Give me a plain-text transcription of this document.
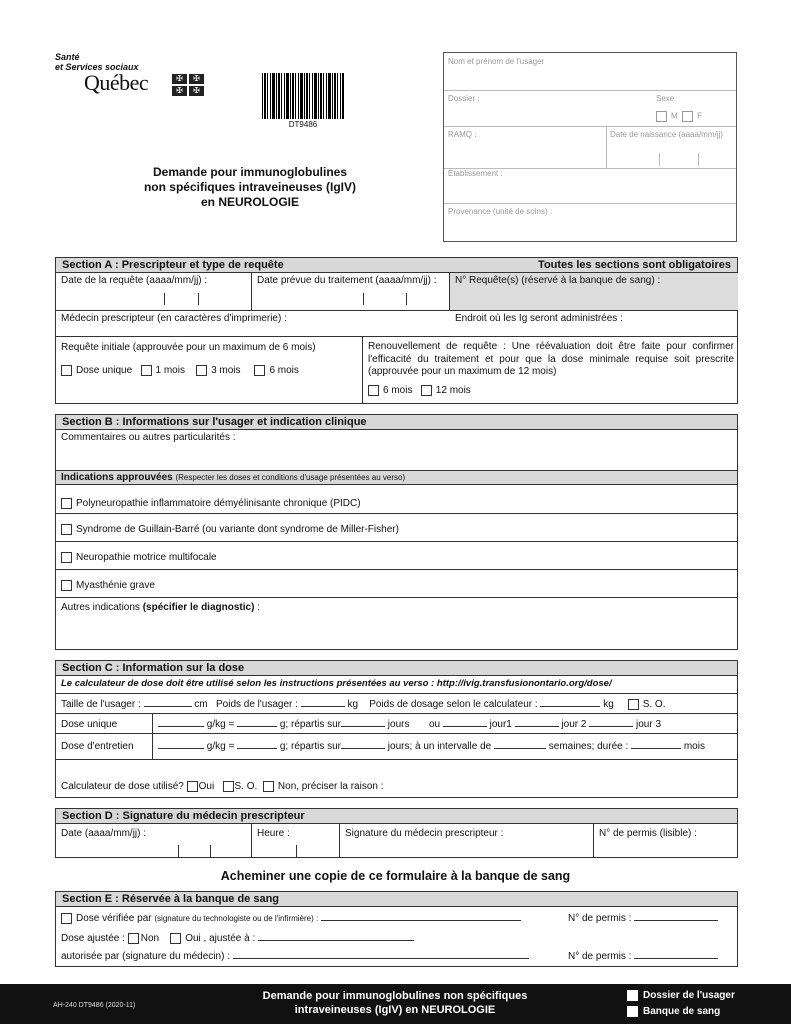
Santé
et Services sociaux
Québec	✠	✠
✠	✠
DT9486
Demande pour immunoglobulines
non spécifiques intraveineuses (IgIV)
en NEUROLOGIE
Nom et prénom de l'usager
Dossier :	Sexe
M F
RAMQ :	Date de naissance (aaaa/mm/jj)
Établissement :
Provenance (unité de soins) :
Section A : Prescripteur et type de requête	Toutes les sections sont obligatoires
Date de la requête (aaaa/mm/jj) :	Date prévue du traitement (aaaa/mm/jj) :	N° Requête(s) (réservé à la banque de sang) :
Médecin prescripteur (en caractères d'imprimerie) :	Endroit où les Ig seront administrées :
Requête initiale (approuvée pour un maximum de 6 mois)
Dose unique 1 mois	3 mois	6 mois
Renouvellement de requête : Une réévaluation doit être faite pour confirmer l'efficacité du traitement et pour que la dose minimale requise soit prescrite (approuvée pour un maximum de 12 mois)
6 mois 12 mois
Section B : Informations sur l'usager et indication clinique
Commentaires ou autres particularités :
Indications approuvées (Respecter les doses et conditions d'usage présentées au verso)
Polyneuropathie inflammatoire démyélinisante chronique (PIDC)
Syndrome de Guillain-Barré (ou variante dont syndrome de Miller-Fisher)
Neuropathie motrice multifocale
Myasthénie grave
Autres indications (spécifier le diagnostic) :
Section C : Information sur la dose
Le calculateur de dose doit être utilisé selon les instructions présentées au verso : http://ivig.transfusionontario.org/dose/
Taille de l'usager :	cm Poids de l'usager :	kg Poids de dosage selon le calculateur :	kg	S. O.
Dose unique	g/kg =	g; répartis sur	jours ou	jour1	jour 2	jour 3
Dose d'entretien	g/kg =	g; répartis sur	jours; à un intervalle de	semaines; durée :	mois
Calculateur de dose utilisé? Oui S. O. Non, préciser la raison :
Section D : Signature du médecin prescripteur
Date (aaaa/mm/jj) :	Heure :	Signature du médecin prescripteur :	N° de permis (lisible) :
Acheminer une copie de ce formulaire à la banque de sang
Section E : Réservée à la banque de sang
Dose vérifiée par (signature du technologiste ou de l'infirmière) :	N° de permis :
Dose ajustée : Non	Oui , ajustée à :
autorisée par (signature du médecin) :	N° de permis :
AH-240 DT9486 (2020-11)
Demande pour immunoglobulines non spécifiques
intraveineuses (IgIV) en NEUROLOGIE
Dossier de l'usager
Banque de sang
